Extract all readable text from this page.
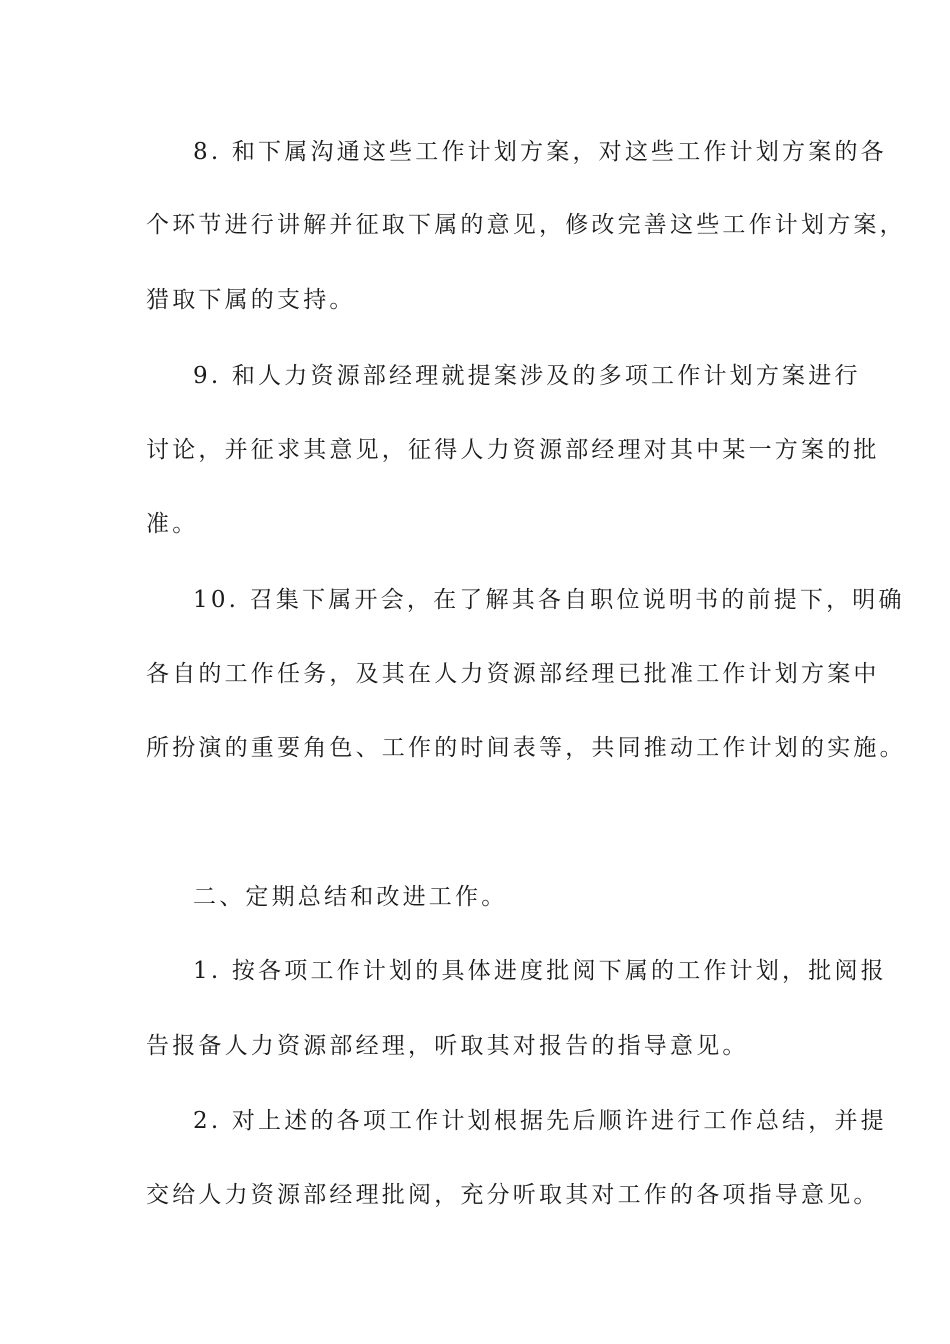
8. 和下属沟通这些工作计划方案，对这些工作计划方案的各
个环节进行讲解并征取下属的意见，修改完善这些工作计划方案，
猎取下属的支持。
9. 和人力资源部经理就提案涉及的多项工作计划方案进行
讨论，并征求其意见，征得人力资源部经理对其中某一方案的批
准。
10. 召集下属开会，在了解其各自职位说明书的前提下，明确
各自的工作任务，及其在人力资源部经理已批准工作计划方案中
所扮演的重要角色、工作的时间表等，共同推动工作计划的实施。
二、定期总结和改进工作。
1. 按各项工作计划的具体进度批阅下属的工作计划，批阅报
告报备人力资源部经理，听取其对报告的指导意见。
2. 对上述的各项工作计划根据先后顺许进行工作总结，并提
交给人力资源部经理批阅，充分听取其对工作的各项指导意见。
